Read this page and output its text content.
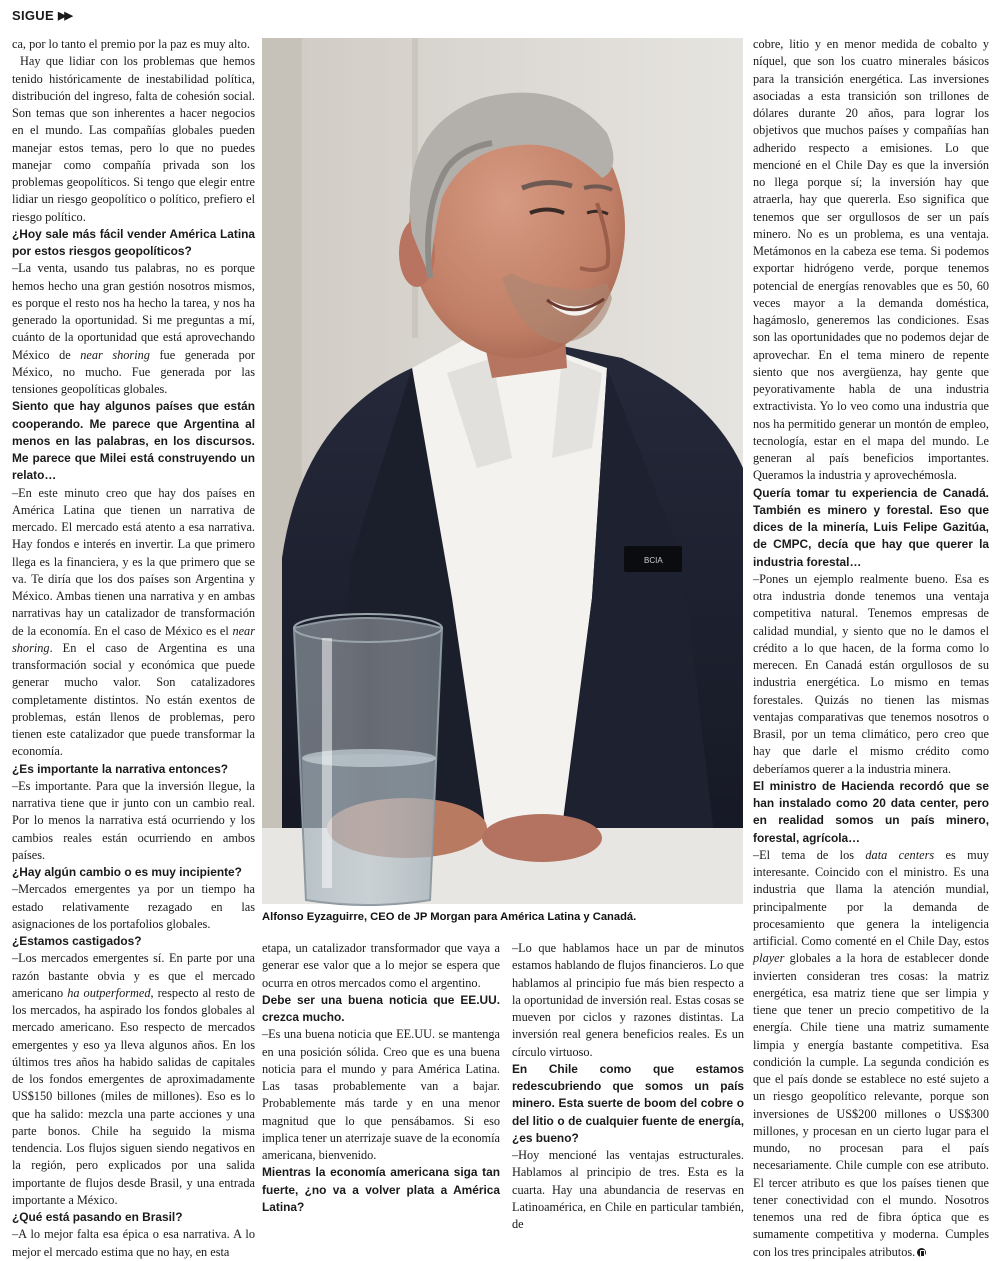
SIGUE ▶▶

ca, por lo tanto el premio por la paz es muy alto.

Hay que lidiar con los problemas que hemos tenido históricamente de inestabilidad política, distribución del ingreso, falta de cohesión social. Son temas que son inherentes a hacer negocios en el mundo. Las compañías globales pueden manejar estos temas, pero lo que no puedes manejar como compañía privada son los problemas geopolíticos. Si tengo que elegir entre lidiar un riesgo geopolítico o político, prefiero el riesgo político.

¿Hoy sale más fácil vender América Latina por estos riesgos geopolíticos?

–La venta, usando tus palabras, no es porque hemos hecho una gran gestión nosotros mismos, es porque el resto nos ha hecho la tarea, y nos ha generado la oportunidad. Si me preguntas a mí, cuánto de la oportunidad que está aprovechando México de near shoring fue generada por México, no mucho. Fue generada por las tensiones geopolíticas globales.

Siento que hay algunos países que están cooperando. Me parece que Argentina al menos en las palabras, en los discursos. Me parece que Milei está construyendo un relato…

–En este minuto creo que hay dos países en América Latina que tienen un narrativa de mercado. El mercado está atento a esa narrativa. Hay fondos e interés en invertir. La que primero llega es la financiera, y es la que primero que se va. Te diría que los dos países son Argentina y México. Ambas tienen una narrativa y en ambas narrativas hay un catalizador de transformación de la economía. En el caso de México es el near shoring. En el caso de Argentina es una transformación social y económica que puede generar mucho valor. Son catalizadores completamente distintos. No están exentos de problemas, están llenos de problemas, pero tienen este catalizador que puede transformar la economía.

¿Es importante la narrativa entonces?

–Es importante. Para que la inversión llegue, la narrativa tiene que ir junto con un cambio real. Por lo menos la narrativa está ocurriendo y los cambios reales están ocurriendo en ambos países.

¿Hay algún cambio o es muy incipiente?

–Mercados emergentes ya por un tiempo ha estado relativamente rezagado en las asignaciones de los portafolios globales.

¿Estamos castigados?

–Los mercados emergentes sí. En parte por una razón bastante obvia y es que el mercado americano ha outperformed, respecto al resto de los mercados, ha aspirado los fondos globales al mercado americano. Eso respecto de mercados emergentes y eso ya lleva algunos años. En los últimos tres años ha habido salidas de capitales de los fondos emergentes de aproximadamente US$150 billones (miles de millones). Eso es lo que ha salido: mezcla una parte acciones y una parte bonos. Chile ha seguido la misma tendencia. Los flujos siguen siendo negativos en la región, pero explicados por una salida importante de flujos desde Brasil, y una entrada importante a México.

¿Qué está pasando en Brasil?

–A lo mejor falta esa épica o esa narrativa. A lo mejor el mercado estima que no hay, en esta

BCIA
Alfonso Eyzaguirre, CEO de JP Morgan para América Latina y Canadá.

etapa, un catalizador transformador que vaya a generar ese valor que a lo mejor se espera que ocurra en otros mercados como el argentino.

Debe ser una buena noticia que EE.UU. crezca mucho.

–Es una buena noticia que EE.UU. se mantenga en una posición sólida. Creo que es una buena noticia para el mundo y para América Latina. Las tasas probablemente van a bajar. Probablemente más tarde y en una menor magnitud que lo que pensábamos. Si eso implica tener un aterrizaje suave de la economía americana, bienvenido.

Mientras la economía americana siga tan fuerte, ¿no va a volver plata a América Latina?

–Lo que hablamos hace un par de minutos estamos hablando de flujos financieros. Lo que hablamos al principio fue más bien respecto a la oportunidad de inversión real. Estas cosas se mueven por ciclos y razones distintas. La inversión real genera beneficios reales. Es un círculo virtuoso.

En Chile como que estamos redescubriendo que somos un país minero. Esta suerte de boom del cobre o del litio o de cualquier fuente de energía, ¿es bueno?

–Hoy mencioné las ventajas estructurales. Hablamos al principio de tres. Esta es la cuarta. Hay una abundancia de reservas en Latinoamérica, en Chile en particular también, de

cobre, litio y en menor medida de cobalto y níquel, que son los cuatro minerales básicos para la transición energética. Las inversiones asociadas a esta transición son trillones de dólares durante 20 años, para lograr los objetivos que muchos países y compañías han adherido respecto a emisiones. Lo que mencioné en el Chile Day es que la inversión no llega porque sí; la inversión hay que atraerla, hay que quererla. Eso significa que tenemos que ser orgullosos de ser un país minero. No es un problema, es una ventaja. Metámonos en la cabeza ese tema. Si podemos exportar hidrógeno verde, porque tenemos potencial de energías renovables que es 50, 60 veces mayor a la demanda doméstica, hagámoslo, generemos las condiciones. Esas son las oportunidades que no podemos dejar de aprovechar. En el tema minero de repente siento que nos avergüenza, hay gente que peyorativamente habla de una industria extractivista. Yo lo veo como una industria que nos ha permitido generar un montón de empleo, tecnología, estar en el mapa del mundo. Le generan al país beneficios importantes. Queramos la industria y aprovechémosla.

Quería tomar tu experiencia de Canadá. También es minero y forestal. Eso que dices de la minería, Luis Felipe Gazitúa, de CMPC, decía que hay que querer la industria forestal…

–Pones un ejemplo realmente bueno. Esa es otra industria donde tenemos una ventaja competitiva natural. Tenemos empresas de calidad mundial, y siento que no le damos el crédito a lo que hacen, de la forma como lo merecen. En Canadá están orgullosos de su industria energética. Lo mismo en temas forestales. Quizás no tienen las mismas ventajas comparativas que tenemos nosotros o Brasil, por un tema climático, pero creo que hay que darle el mismo crédito como deberíamos querer a la industria minera.

El ministro de Hacienda recordó que se han instalado como 20 data center, pero en realidad somos un país minero, forestal, agrícola…

–El tema de los data centers es muy interesante. Coincido con el ministro. Es una industria que llama la atención mundial, principalmente por la demanda de procesamiento que genera la inteligencia artificial. Como comenté en el Chile Day, estos player globales a la hora de establecer donde invierten consideran tres cosas: la matriz energética, esa matriz tiene que ser limpia y tiene que tener un precio competitivo de la energía. Chile tiene una matriz sumamente limpia y energía bastante competitiva. Esa condición la cumple. La segunda condición es que el país donde se establece no esté sujeto a un riesgo geopolítico relevante, porque son inversiones de US$200 millones o US$300 millones, y procesan en un cierto lugar para el mundo, no procesan para el país necesariamente. Chile cumple con ese atributo. El tercer atributo es que los países tienen que tener conectividad con el mundo. Nosotros tenemos una red de fibra óptica que es sumamente competitiva y moderna. Cumples con los tres principales atributos.
